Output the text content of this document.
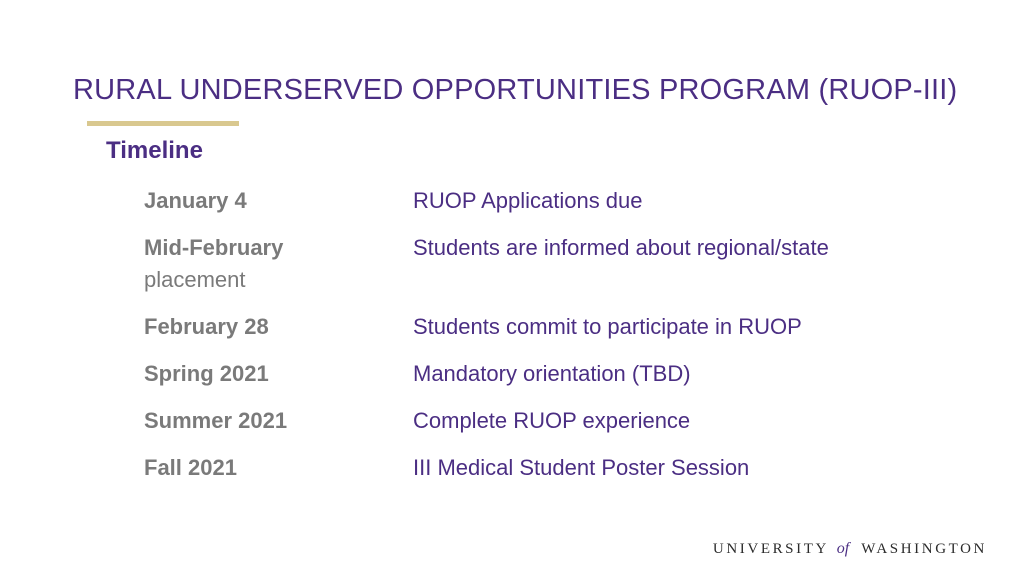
RURAL UNDERSERVED OPPORTUNITIES PROGRAM (RUOP-III)
Timeline
January 4	RUOP Applications due
Mid-February	Students are informed about regional/state
placement
February 28	Students commit to participate in RUOP
Spring 2021	Mandatory orientation (TBD)
Summer 2021	Complete RUOP experience
Fall 2021	III Medical Student Poster Session
UNIVERSITY of WASHINGTON
